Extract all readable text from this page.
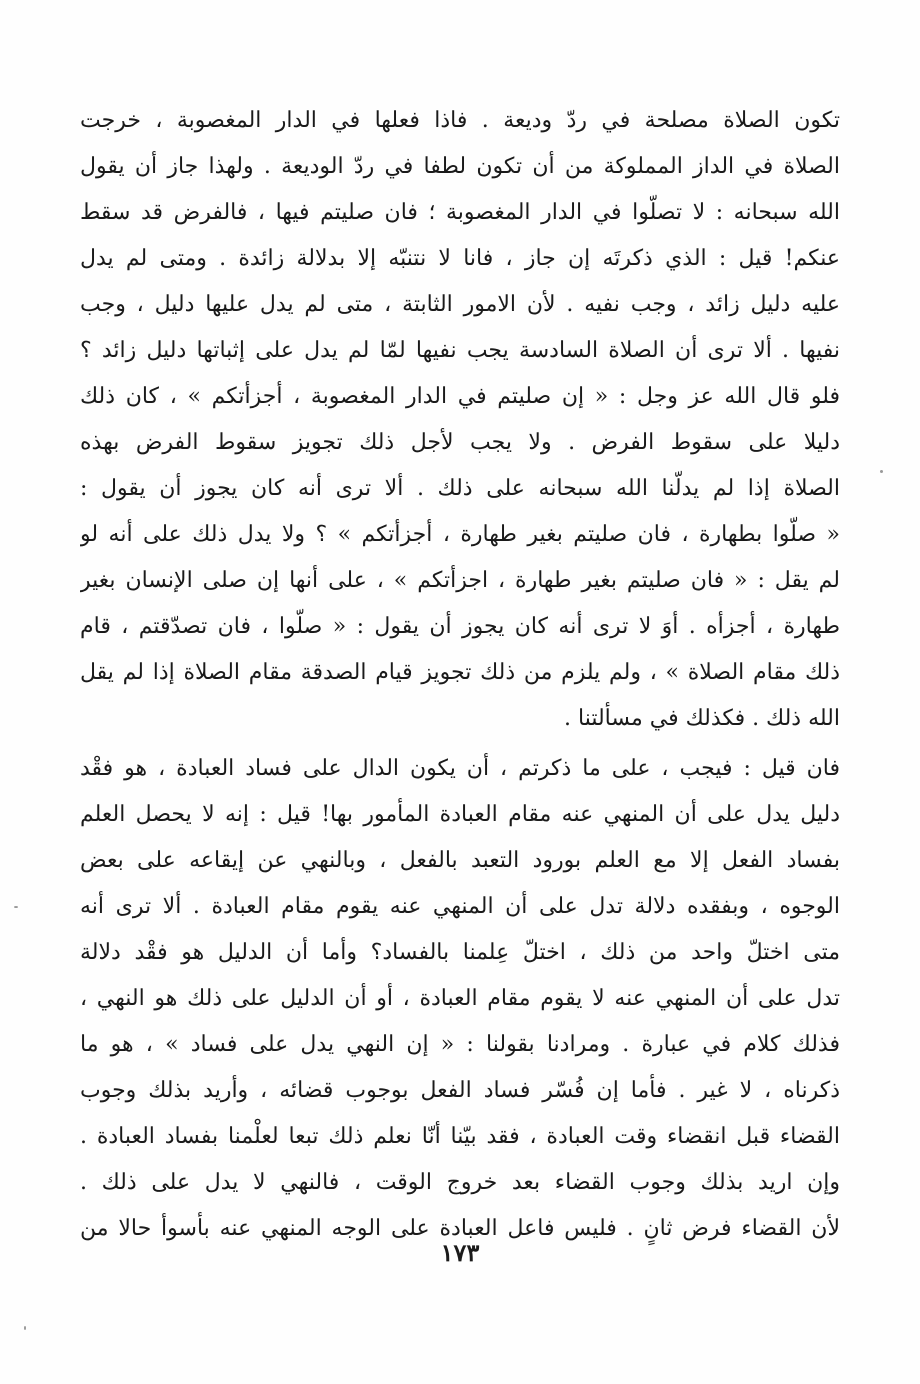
تكون الصلاة مصلحة في ردّ وديعة . فاذا فعلها في الدار المغصوبة ، خرجت
الصلاة في الداز المملوكة من أن تكون لطفا في ردّ الوديعة . ولهذا جاز أن يقول
الله سبحانه : لا تصلّوا في الدار المغصوبة ؛ فان صليتم فيها ، فالفرض قد سقط
عنكم! قيل : الذي ذكرتَه إن جاز ، فانا لا نتنبّه إلا بدلالة زائدة . ومتى لم يدل
عليه دليل زائد ، وجب نفيه . لأن الامور الثابتة ، متى لم يدل عليها دليل ، وجب
نفيها . ألا ترى أن الصلاة السادسة يجب نفيها لمّا لم يدل على إثباتها دليل زائد ؟
فلو قال الله عز وجل : « إن صليتم في الدار المغصوبة ، أجزأتكم » ، كان ذلك
دليلا على سقوط الفرض . ولا يجب لأجل ذلك تجويز سقوط الفرض بهذه
الصلاة إذا لم يدلّنا الله سبحانه على ذلك . ألا ترى أنه كان يجوز أن يقول :
« صلّوا بطهارة ، فان صليتم بغير طهارة ، أجزأتكم » ؟ ولا يدل ذلك على أنه لو
لم يقل : « فان صليتم بغير طهارة ، اجزأتكم » ، على أنها إن صلى الإنسان بغير
طهارة ، أجزأه . أوَ لا ترى أنه كان يجوز أن يقول : « صلّوا ، فان تصدّقتم ، قام
ذلك مقام الصلاة » ، ولم يلزم من ذلك تجويز قيام الصدقة مقام الصلاة إذا لم يقل
الله ذلك . فكذلك في مسألتنا .
فان قيل : فيجب ، على ما ذكرتم ، أن يكون الدال على فساد العبادة ، هو فقْد
دليل يدل على أن المنهي عنه مقام العبادة المأمور بها! قيل : إنه لا يحصل العلم
بفساد الفعل إلا مع العلم بورود التعبد بالفعل ، وبالنهي عن إيقاعه على بعض
الوجوه ، وبفقده دلالة تدل على أن المنهي عنه يقوم مقام العبادة . ألا ترى أنه
متى اختلّ واحد من ذلك ، اختلّ عِلمنا بالفساد؟ وأما أن الدليل هو فقْد دلالة
تدل على أن المنهي عنه لا يقوم مقام العبادة ، أو أن الدليل على ذلك هو النهي ،
فذلك كلام في عبارة . ومرادنا بقولنا : « إن النهي يدل على فساد » ، هو ما
ذكرناه ، لا غير . فأما إن فُسّر فساد الفعل بوجوب قضائه ، وأريد بذلك وجوب
القضاء قبل انقضاء وقت العبادة ، فقد بيّنا أنّا نعلم ذلك تبعا لعلْمنا بفساد العبادة .
وإن اريد بذلك وجوب القضاء بعد خروج الوقت ، فالنهي لا يدل على ذلك .
لأن القضاء فرض ثانٍ . فليس فاعل العبادة على الوجه المنهي عنه بأسوأ حالا من
١٧٣
